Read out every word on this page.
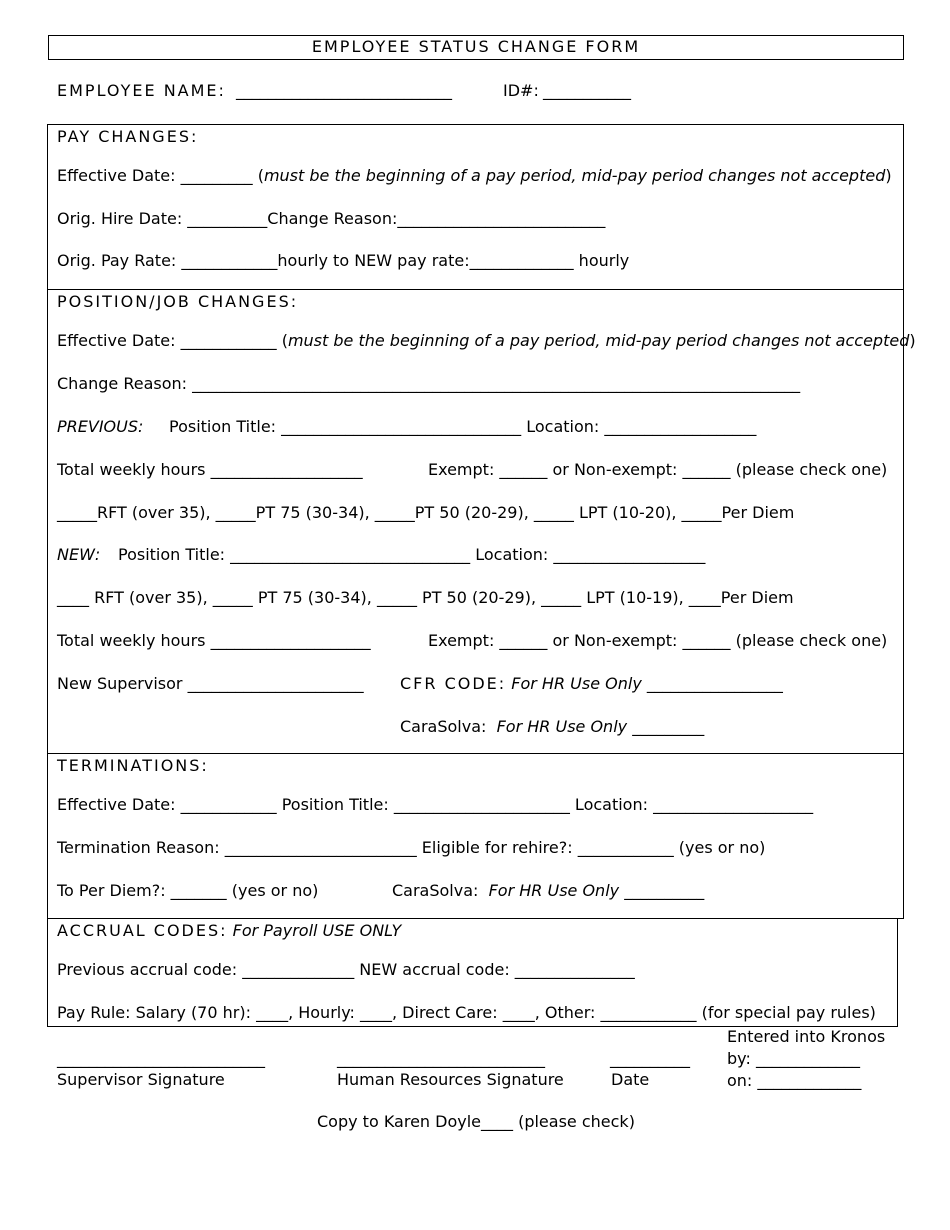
EMPLOYEE STATUS CHANGE FORM
EMPLOYEE NAME: ___________________________	ID#: ___________
PAY CHANGES:
Effective Date: _________ (must be the beginning of a pay period, mid-pay period changes not accepted)
Orig. Hire Date: __________Change Reason:__________________________
Orig. Pay Rate: ____________hourly to NEW pay rate:_____________ hourly
POSITION/JOB CHANGES:
Effective Date: ____________ (must be the beginning of a pay period, mid-pay period changes not accepted)
Change Reason: ____________________________________________________________________________
PREVIOUS: Position Title: ______________________________ Location: ___________________
Total weekly hours ___________________	Exempt: ______ or Non-exempt: ______ (please check one)
_____RFT (over 35), _____PT 75 (30-34), _____PT 50 (20-29), _____ LPT (10-20), _____Per Diem
NEW: Position Title: ______________________________ Location: ___________________
____ RFT (over 35), _____ PT 75 (30-34), _____ PT 50 (20-29), _____ LPT (10-19), ____Per Diem
Total weekly hours ____________________	Exempt: ______ or Non-exempt: ______ (please check one)
New Supervisor ______________________ CFR CODE: For HR Use Only _________________
CaraSolva: For HR Use Only _________
TERMINATIONS:
Effective Date: ____________ Position Title: ______________________ Location: ____________________
Termination Reason: ________________________ Eligible for rehire?: ____________ (yes or no)
To Per Diem?: _______ (yes or no)	CaraSolva: For HR Use Only __________
ACCRUAL CODES: For Payroll USE ONLY
Previous accrual code: ______________ NEW accrual code: _______________
Pay Rule: Salary (70 hr): ____, Hourly: ____, Direct Care: ____, Other: ____________ (for special pay rules)
__________________________
Supervisor Signature
__________________________
Human Resources Signature
__________
Date
Entered into Kronos
by: _____________
on: _____________
Copy to Karen Doyle____ (please check)
